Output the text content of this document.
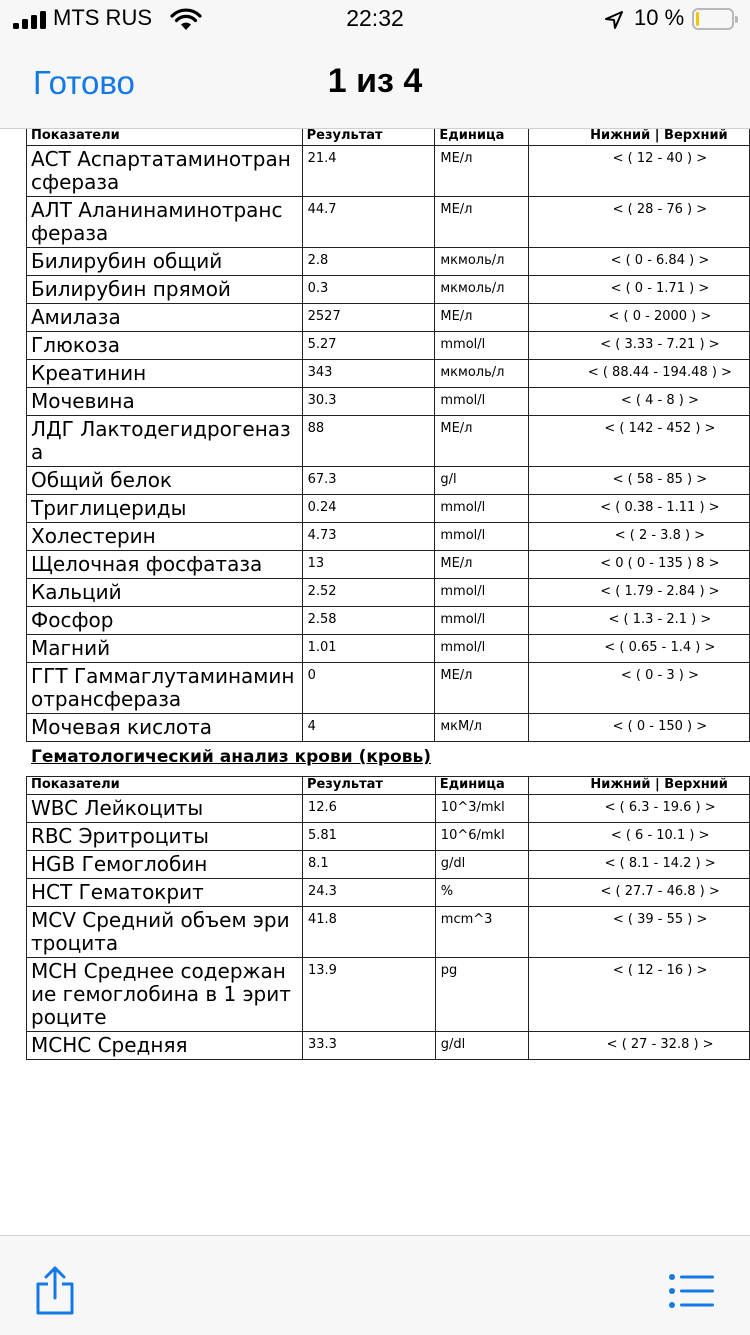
MTS RUS	22:32	10 %
Готово	1 из 4
Показатели	Результат	Единица	Нижний | Верхний
АСТ Аспартатаминотрансфераза	21.4	МЕ/л	< ( 12 - 40 ) >
АЛТ Аланинаминотрансфераза	44.7	МЕ/л	< ( 28 - 76 ) >
Билирубин общий	2.8	мкмоль/л	< ( 0 - 6.84 ) >
Билирубин прямой	0.3	мкмоль/л	< ( 0 - 1.71 ) >
Амилаза	2527	МЕ/л	< ( 0 - 2000 ) >
Глюкоза	5.27	mmol/l	< ( 3.33 - 7.21 ) >
Креатинин	343	мкмоль/л	< ( 88.44 - 194.48 ) >
Мочевина	30.3	mmol/l	< ( 4 - 8 ) >
ЛДГ Лактодегидрогеназа	88	МЕ/л	< ( 142 - 452 ) >
Общий белок	67.3	g/l	< ( 58 - 85 ) >
Триглицериды	0.24	mmol/l	< ( 0.38 - 1.11 ) >
Холестерин	4.73	mmol/l	< ( 2 - 3.8 ) >
Щелочная фосфатаза	13	МЕ/л	< 0 ( 0 - 135 ) 8 >
Кальций	2.52	mmol/l	< ( 1.79 - 2.84 ) >
Фосфор	2.58	mmol/l	< ( 1.3 - 2.1 ) >
Магний	1.01	mmol/l	< ( 0.65 - 1.4 ) >
ГГТ Гаммаглутаминаминотрансфераза	0	МЕ/л	< ( 0 - 3 ) >
Мочевая кислота	4	мкМ/л	< ( 0 - 150 ) >
Гематологический анализ крови (кровь)
Показатели	Результат	Единица	Нижний | Верхний
WBC Лейкоциты	12.6	10^3/mkl	< ( 6.3 - 19.6 ) >
RBC Эритроциты	5.81	10^6/mkl	< ( 6 - 10.1 ) >
HGB Гемоглобин	8.1	g/dl	< ( 8.1 - 14.2 ) >
HCT Гематокрит	24.3	%	< ( 27.7 - 46.8 ) >
MCV Средний объем эритроцита	41.8	mcm^3	< ( 39 - 55 ) >
MCH Среднее содержание гемоглобина в 1 эритроците	13.9	pg	< ( 12 - 16 ) >
MCHC Средняя	33.3	g/dl	< ( 27 - 32.8 ) >
